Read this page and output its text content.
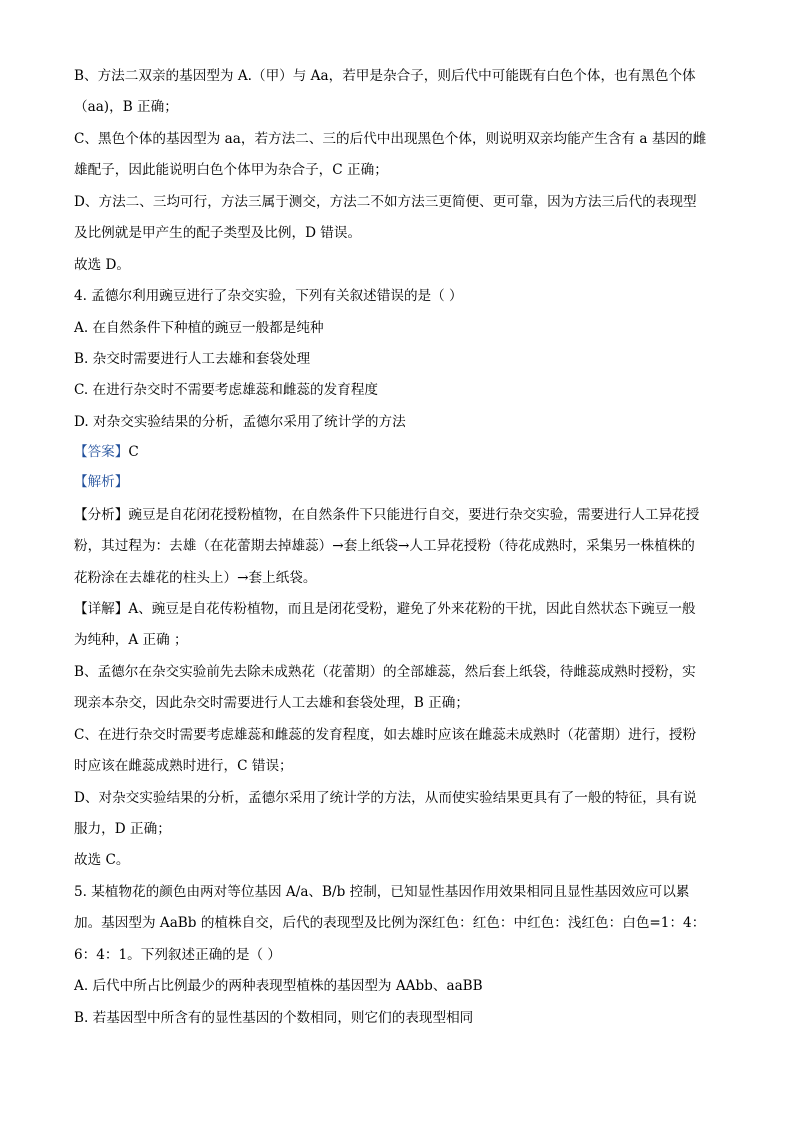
B、方法二双亲的基因型为 A.（甲）与 Aa，若甲是杂合子，则后代中可能既有白色个体，也有黑色个体
（aa)，B 正确；
C、黑色个体的基因型为 aa，若方法二、三的后代中出现黑色个体，则说明双亲均能产生含有 a 基因的雌
雄配子，因此能说明白色个体甲为杂合子，C 正确；
D、方法二、三均可行，方法三属于测交，方法二不如方法三更简便、更可靠，因为方法三后代的表现型
及比例就是甲产生的配子类型及比例，D 错误。
故选 D。
4. 孟德尔利用豌豆进行了杂交实验，下列有关叙述错误的是（ ）
A. 在自然条件下种植的豌豆一般都是纯种
B. 杂交时需要进行人工去雄和套袋处理
C. 在进行杂交时不需要考虑雄蕊和雌蕊的发育程度
D. 对杂交实验结果的分析，孟德尔采用了统计学的方法
【答案】C
【解析】
【分析】豌豆是自花闭花授粉植物，在自然条件下只能进行自交，要进行杂交实验，需要进行人工异花授
粉，其过程为：去雄（在花蕾期去掉雄蕊）→套上纸袋→人工异花授粉（待花成熟时，采集另一株植株的
花粉涂在去雄花的柱头上）→套上纸袋。
【详解】A、豌豆是自花传粉植物，而且是闭花受粉，避免了外来花粉的干扰，因此自然状态下豌豆一般
为纯种，A 正确 ；
B、孟德尔在杂交实验前先去除未成熟花（花蕾期）的全部雄蕊，然后套上纸袋，待雌蕊成熟时授粉，实
现亲本杂交，因此杂交时需要进行人工去雄和套袋处理，B 正确；
C、在进行杂交时需要考虑雄蕊和雌蕊的发育程度，如去雄时应该在雌蕊未成熟时（花蕾期）进行，授粉
时应该在雌蕊成熟时进行，C 错误；
D、对杂交实验结果的分析，孟德尔采用了统计学的方法，从而使实验结果更具有了一般的特征，具有说
服力，D 正确；
故选 C。
5. 某植物花的颜色由两对等位基因 A/a、B/b 控制，已知显性基因作用效果相同且显性基因效应可以累
加。基因型为 AaBb 的植株自交，后代的表现型及比例为深红色：红色：中红色：浅红色：白色=1：4：
6：4：1。下列叙述正确的是（ ）
A. 后代中所占比例最少的两种表现型植株的基因型为 AAbb、aaBB
B. 若基因型中所含有的显性基因的个数相同，则它们的表现型相同
